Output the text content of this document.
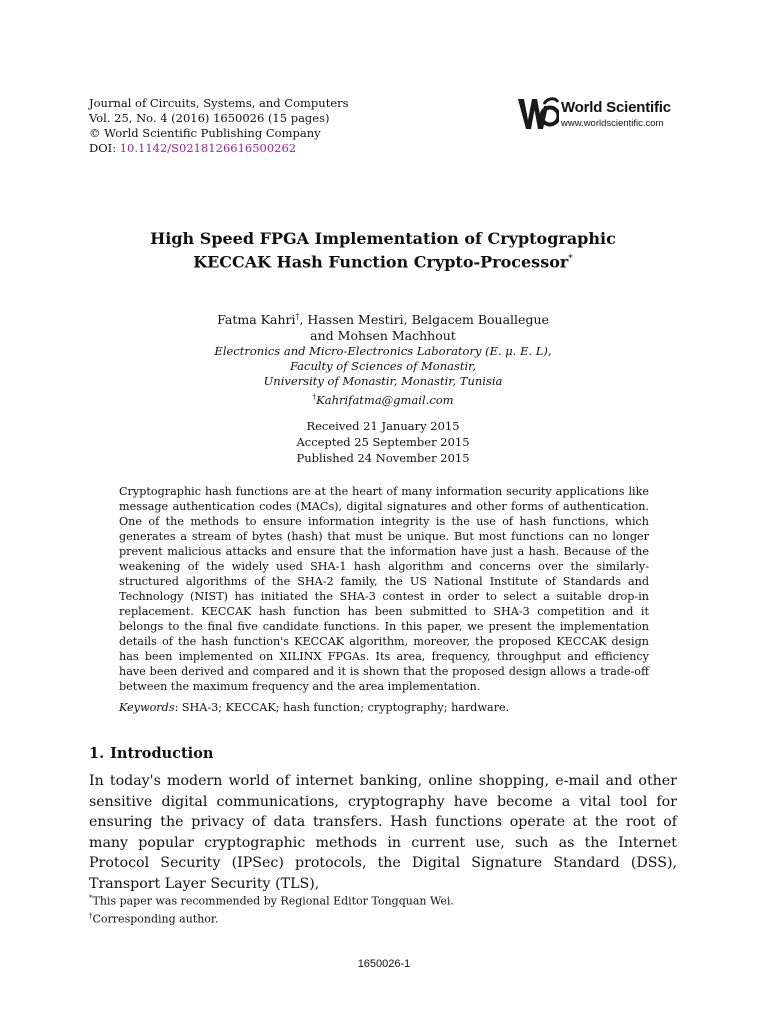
Journal of Circuits, Systems, and Computers
Vol. 25, No. 4 (2016) 1650026 (15 pages)
© World Scientific Publishing Company
DOI: 10.1142/S0218126616500262
World Scientific
www.worldscientific.com
High Speed FPGA Implementation of Cryptographic
KECCAK Hash Function Crypto-Processor*
Fatma Kahri†, Hassen Mestiri, Belgacem Bouallegue
and Mohsen Machhout
Electronics and Micro-Electronics Laboratory (E. μ. E. L),
Faculty of Sciences of Monastir,
University of Monastir, Monastir, Tunisia
†Kahrifatma@gmail.com
Received 21 January 2015
Accepted 25 September 2015
Published 24 November 2015
Cryptographic hash functions are at the heart of many information security applications like message authentication codes (MACs), digital signatures and other forms of authentication. One of the methods to ensure information integrity is the use of hash functions, which generates a stream of bytes (hash) that must be unique. But most functions can no longer prevent malicious attacks and ensure that the information have just a hash. Because of the weakening of the widely used SHA-1 hash algorithm and concerns over the similarly-structured algorithms of the SHA-2 family, the US National Institute of Standards and Technology (NIST) has initiated the SHA-3 contest in order to select a suitable drop-in replacement. KECCAK hash function has been submitted to SHA-3 competition and it belongs to the final five candidate functions. In this paper, we present the implementation details of the hash function's KECCAK algorithm, moreover, the proposed KECCAK design has been implemented on XILINX FPGAs. Its area, frequency, throughput and efficiency have been derived and compared and it is shown that the proposed design allows a trade-off between the maximum frequency and the area implementation.
Keywords: SHA-3; KECCAK; hash function; cryptography; hardware.
1. Introduction
In today's modern world of internet banking, online shopping, e-mail and other sensitive digital communications, cryptography have become a vital tool for ensuring the privacy of data transfers. Hash functions operate at the root of many popular cryptographic methods in current use, such as the Internet Protocol Security (IPSec) protocols, the Digital Signature Standard (DSS), Transport Layer Security (TLS),
*This paper was recommended by Regional Editor Tongquan Wei.
†Corresponding author.
1650026-1
